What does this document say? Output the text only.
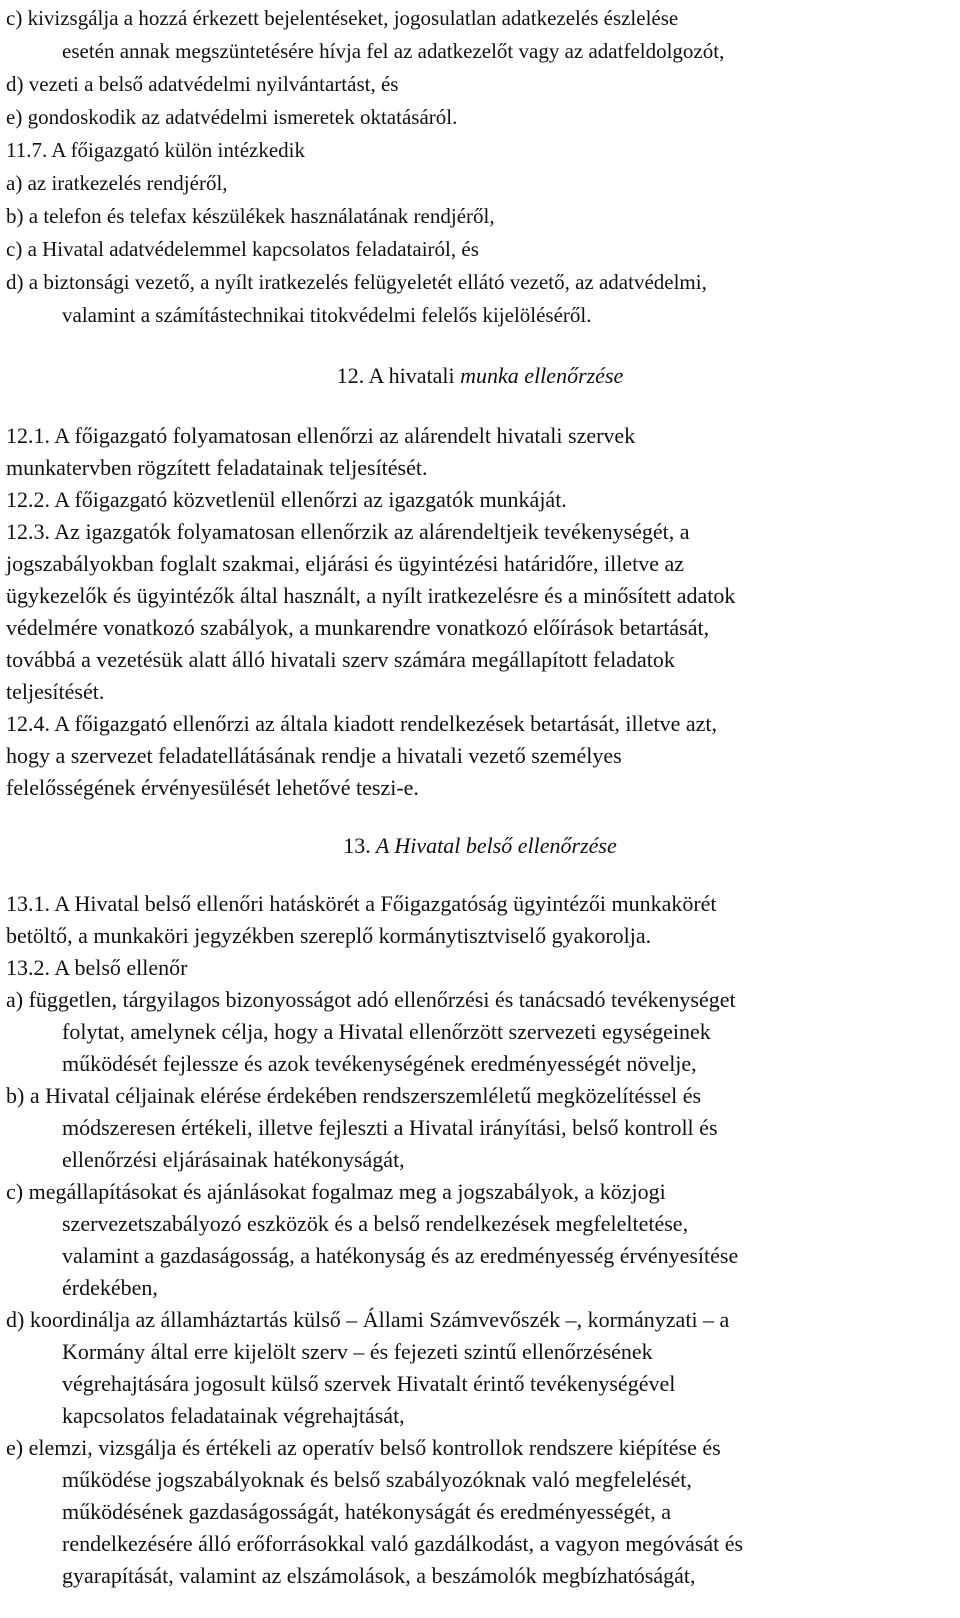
c) kivizsgálja a hozzá érkezett bejelentéseket, jogosulatlan adatkezelés észlelése
esetén annak megszüntetésére hívja fel az adatkezelőt vagy az adatfeldolgozót,
d) vezeti a belső adatvédelmi nyilvántartást, és
e) gondoskodik az adatvédelmi ismeretek oktatásáról.
11.7. A főigazgató külön intézkedik
a) az iratkezelés rendjéről,
b) a telefon és telefax készülékek használatának rendjéről,
c) a Hivatal adatvédelemmel kapcsolatos feladatairól, és
d) a biztonsági vezető, a nyílt iratkezelés felügyeletét ellátó vezető, az adatvédelmi,
valamint a számítástechnikai titokvédelmi felelős kijelöléséről.
12. A hivatali munka ellenőrzése
12.1. A főigazgató folyamatosan ellenőrzi az alárendelt hivatali szervek
munkatervben rögzített feladatainak teljesítését.
12.2. A főigazgató közvetlenül ellenőrzi az igazgatók munkáját.
12.3. Az igazgatók folyamatosan ellenőrzik az alárendeltjeik tevékenységét, a
jogszabályokban foglalt szakmai, eljárási és ügyintézési határidőre, illetve az
ügykezelők és ügyintézők által használt, a nyílt iratkezelésre és a minősített adatok
védelmére vonatkozó szabályok, a munkarendre vonatkozó előírások betartását,
továbbá a vezetésük alatt álló hivatali szerv számára megállapított feladatok
teljesítését.
12.4. A főigazgató ellenőrzi az általa kiadott rendelkezések betartását, illetve azt,
hogy a szervezet feladatellátásának rendje a hivatali vezető személyes
felelősségének érvényesülését lehetővé teszi-e.
13. A Hivatal belső ellenőrzése
13.1. A Hivatal belső ellenőri hatáskörét a Főigazgatóság ügyintézői munkakörét
betöltő, a munkaköri jegyzékben szereplő kormánytisztviselő gyakorolja.
13.2. A belső ellenőr
a) független, tárgyilagos bizonyosságot adó ellenőrzési és tanácsadó tevékenységet
folytat, amelynek célja, hogy a Hivatal ellenőrzött szervezeti egységeinek
működését fejlessze és azok tevékenységének eredményességét növelje,
b) a Hivatal céljainak elérése érdekében rendszerszemléletű megközelítéssel és
módszeresen értékeli, illetve fejleszti a Hivatal irányítási, belső kontroll és
ellenőrzési eljárásainak hatékonyságát,
c) megállapításokat és ajánlásokat fogalmaz meg a jogszabályok, a közjogi
szervezetszabályozó eszközök és a belső rendelkezések megfeleltetése,
valamint a gazdaságosság, a hatékonyság és az eredményesség érvényesítése
érdekében,
d) koordinálja az államháztartás külső – Állami Számvevőszék –, kormányzati – a
Kormány által erre kijelölt szerv – és fejezeti szintű ellenőrzésének
végrehajtására jogosult külső szervek Hivatalt érintő tevékenységével
kapcsolatos feladatainak végrehajtását,
e) elemzi, vizsgálja és értékeli az operatív belső kontrollok rendszere kiépítése és
működése jogszabályoknak és belső szabályozóknak való megfelelését,
működésének gazdaságosságát, hatékonyságát és eredményességét, a
rendelkezésére álló erőforrásokkal való gazdálkodást, a vagyon megóvását és
gyarapítását, valamint az elszámolások, a beszámolók megbízhatóságát,
